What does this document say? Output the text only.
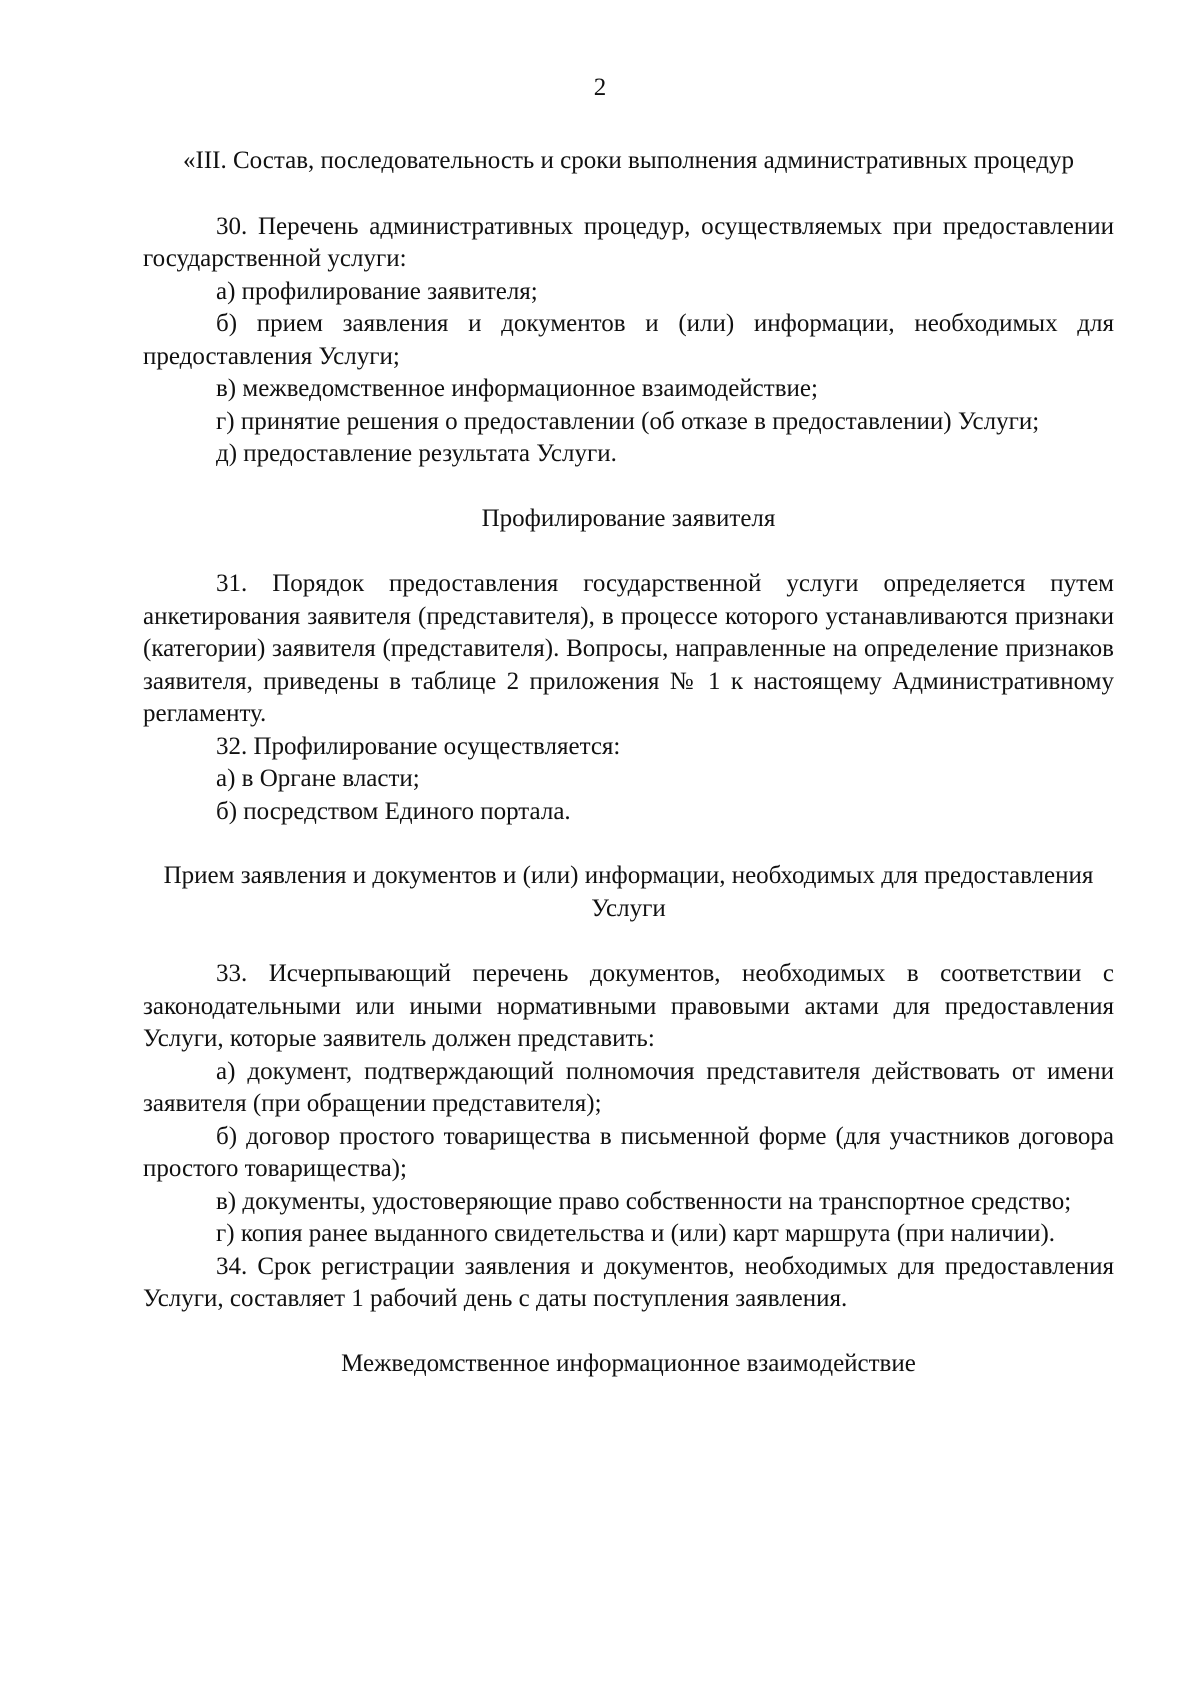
2
«III. Состав, последовательность и сроки выполнения административных процедур

30. Перечень административных процедур, осуществляемых при предоставлении государственной услуги:

а) профилирование заявителя;

б) прием заявления и документов и (или) информации, необходимых для предоставления Услуги;

в) межведомственное информационное взаимодействие;

г) принятие решения о предоставлении (об отказе в предоставлении) Услуги;

д) предоставление результата Услуги.

Профилирование заявителя

31. Порядок предоставления государственной услуги определяется путем анкетирования заявителя (представителя), в процессе которого устанавливаются признаки (категории) заявителя (представителя). Вопросы, направленные на определение признаков заявителя, приведены в таблице 2 приложения № 1 к настоящему Административному регламенту.

32. Профилирование осуществляется:

а) в Органе власти;

б) посредством Единого портала.

Прием заявления и документов и (или) информации, необходимых для предоставления Услуги

33. Исчерпывающий перечень документов, необходимых в соответствии с законодательными или иными нормативными правовыми актами для предоставления Услуги, которые заявитель должен представить:

а) документ, подтверждающий полномочия представителя действовать от имени заявителя (при обращении представителя);

б) договор простого товарищества в письменной форме (для участников договора простого товарищества);

в) документы, удостоверяющие право собственности на транспортное средство;

г) копия ранее выданного свидетельства и (или) карт маршрута (при наличии).

34. Срок регистрации заявления и документов, необходимых для предоставления Услуги, составляет 1 рабочий день с даты поступления заявления.

Межведомственное информационное взаимодействие
